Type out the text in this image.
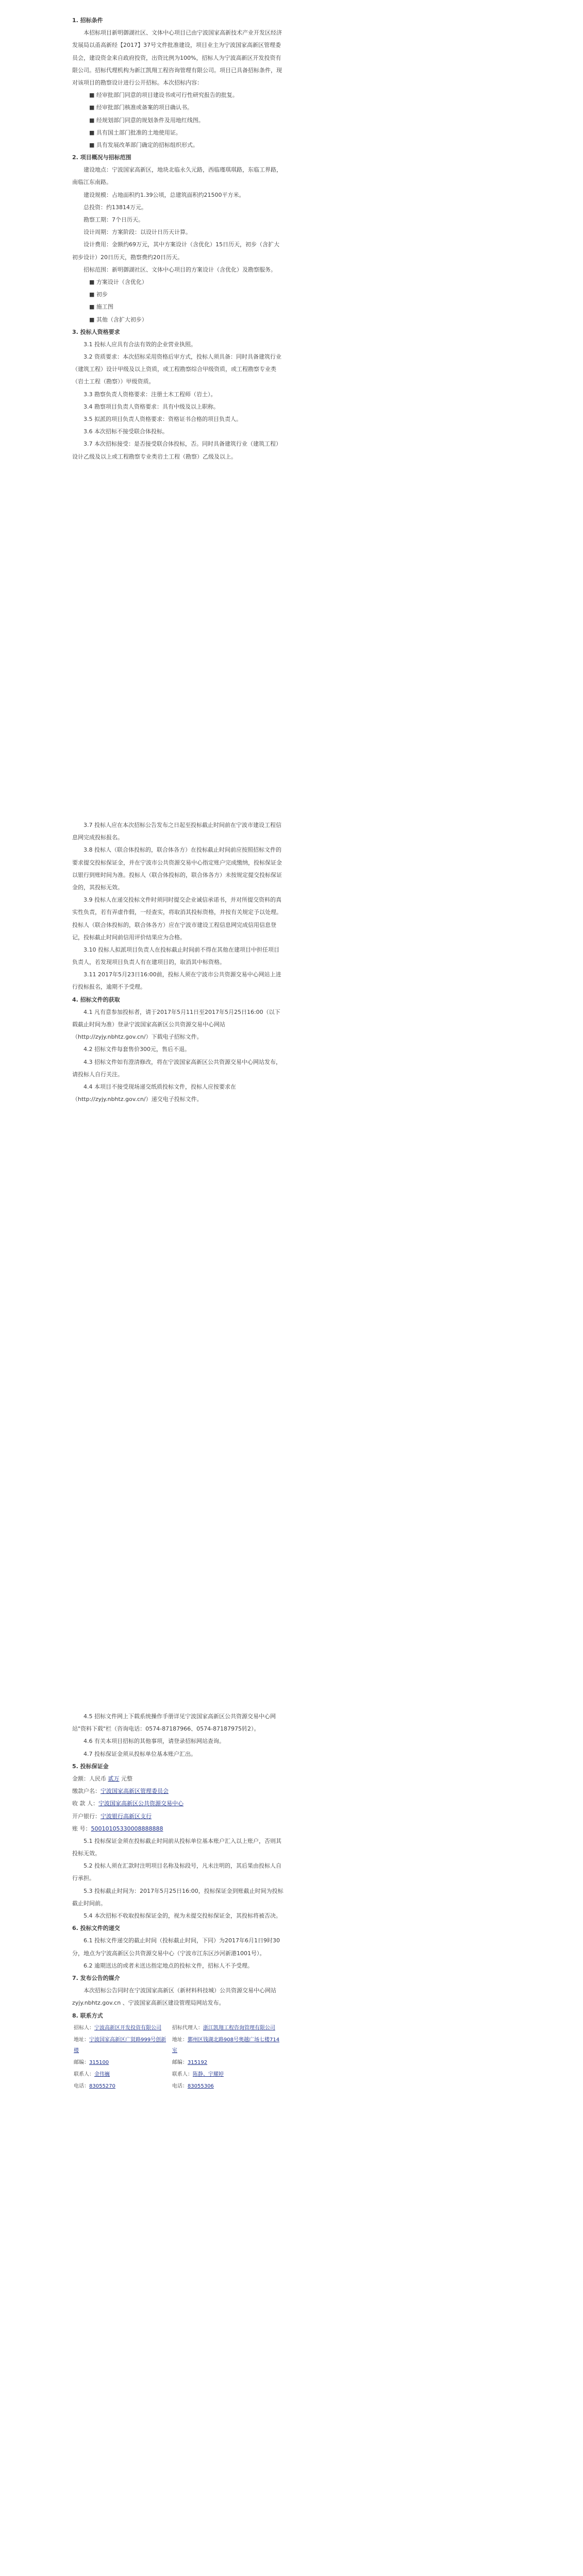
1. 招标条件

本招标项目新明御湖社区、文体中心项目已由宁波国家高新技术产业开发区经济发展局以甬高新经【2017】37号文件批准建设，项目业主为宁波国家高新区管理委员会，建设资金来自政府投资，出资比例为100%，招标人为宁波高新区开发投资有限公司。招标代理机构为新江凯翔工程咨询管理有限公司。项目已具备招标条件，现对该项目的勘察设计进行公开招标。本次招标内容：

■ 经审批部门同意的项目建设书或可行性研究报告的批复。

■ 经审批部门核准或备案的项目确认书。

■ 经规划部门同意的规划条件及用地红线图。

■ 具有国土部门批准的土地使用证。

■ 具有发展改革部门确定的招标组织形式。

2. 项目概况与招标范围

建设地点：宁波国家高新区，地块北临永久元路，西临瑾琪琪路，东临工界路，南临江东南路。

建设规模：占地面积约1.39公顷，总建筑面积约21500平方米。

总投资：约13814万元。

勘察工期：7个日历天。

设计周期：方案阶段：以设计日历天计算。

设计费用：金额约69万元，其中方案设计（含优化）15日历天，初步（含扩大初步设计）20日历天，勘察费约20日历天。

招标范围：新明御湖社区、文体中心项目的方案设计（含优化）及勘察服务。

■ 方案设计（含优化）

■ 初步

■ 施工图

■ 其他（含扩大初步）

3. 投标人资格要求

3.1 投标人应具有合法有效的企业营业执照。

3.2 资质要求：本次招标采用资格后审方式，投标人须具备：同时具备建筑行业（建筑工程）设计甲级及以上资质，或工程勘察综合甲级资质，或工程勘察专业类（岩土工程（勘察））甲级资质。

3.3 勘察负责人资格要求：注册土木工程师（岩土）。

3.4 勘察项目负责人资格要求：具有中级及以上职称。

3.5 拟派的项目负责人资格要求：资格证书合格的项目负责人。

3.6 本次招标不接受联合体投标。

3.7 本次招标接受：是否接受联合体投标，否。同时具备建筑行业（建筑工程）设计乙级及以上或工程勘察专业类岩土工程（勘察）乙级及以上。

3.7 投标人应在本次招标公告发布之日起至投标截止时间前在宁波市建设工程信息网完成投标报名。

3.8 投标人（联合体投标的，联合体各方）在投标截止时间前应按照招标文件的要求提交投标保证金，并在宁波市公共资源交易中心指定账户完成缴纳，投标保证金以银行到账时间为准。投标人（联合体投标的，联合体各方）未按规定提交投标保证金的，其投标无效。

3.9 投标人在递交投标文件时须同时提交企业诚信承诺书，并对所提交资料的真实性负责，若有弄虚作假，一经查实，将取消其投标资格，并按有关规定予以处理。投标人（联合体投标的，联合体各方）应在宁波市建设工程信息网完成信用信息登记，投标截止时间前信用评价结果应为合格。

3.10 投标人拟派项目负责人在投标截止时间前不得在其他在建项目中担任项目负责人，若发现项目负责人有在建项目的，取消其中标资格。

3.11 2017年5月23日16:00前，投标人须在宁波市公共资源交易中心网站上进行投标报名，逾期不予受理。

4. 招标文件的获取

4.1 凡有意参加投标者，请于2017年5月11日至2017年5月25日16:00（以下载截止时间为准）登录宁波国家高新区公共资源交易中心网站（http://zyjy.nbhtz.gov.cn/）下载电子招标文件。

4.2 招标文件每套售价300元，售后不退。

4.3 招标文件如有澄清修改，将在宁波国家高新区公共资源交易中心网站发布，请投标人自行关注。

4.4 本项目不接受现场递交纸质投标文件，投标人应按要求在（http://zyjy.nbhtz.gov.cn/）递交电子投标文件。

4.5 招标文件网上下载系统操作手册详见宁波国家高新区公共资源交易中心网站"资料下载"栏（咨询电话：0574-87187966、0574-87187975转2）。

4.6 有关本项目招标的其他事项，请登录招标网站查询。

4.7 投标保证金须从投标单位基本账户汇出。

5. 投标保证金

金额：人民币 贰万 元整

缴款户名：宁波国家高新区管理委员会

收 款 人：宁波国家高新区公共资源交易中心

开户银行：宁波银行高新区支行

账 号：50010105330008888888

5.1 投标保证金须在投标截止时间前从投标单位基本账户汇入以上账户，否则其投标无效。

5.2 投标人须在汇款时注明项目名称及标段号，凡未注明的，其后果由投标人自行承担。

5.3 投标截止时间为：2017年5月25日16:00，投标保证金到账截止时间为投标截止时间前。

5.4 本次招标不收取投标保证金的，视为未提交投标保证金，其投标将被否决。

6. 投标文件的递交

6.1 投标文件递交的截止时间（投标截止时间，下同）为2017年6月1日9时30分，地点为宁波高新区公共资源交易中心（宁波市江东区沙河新港1001号）。

6.2 逾期送达的或者未送达指定地点的投标文件，招标人不予受理。

7. 发布公告的媒介

本次招标公告同时在宁波国家高新区（新材料科技城）公共资源交易中心网站 zyjy.nbhtz.gov.cn 、宁波国家高新区建设管理局网站发布。

8. 联系方式

招标人：宁波高新区开发投资有限公司	招标代理人：浙江凯翔工程咨询管理有限公司
地址：宁波国家高新区广贤路999号创新楼	地址：鄞州区钱湖北路908号奥越广场七楼714室
邮编：315100	邮编：315192
联系人：金伟巍	联系人：陈静、宇耀婷
电话：83055270	电话：83055306
